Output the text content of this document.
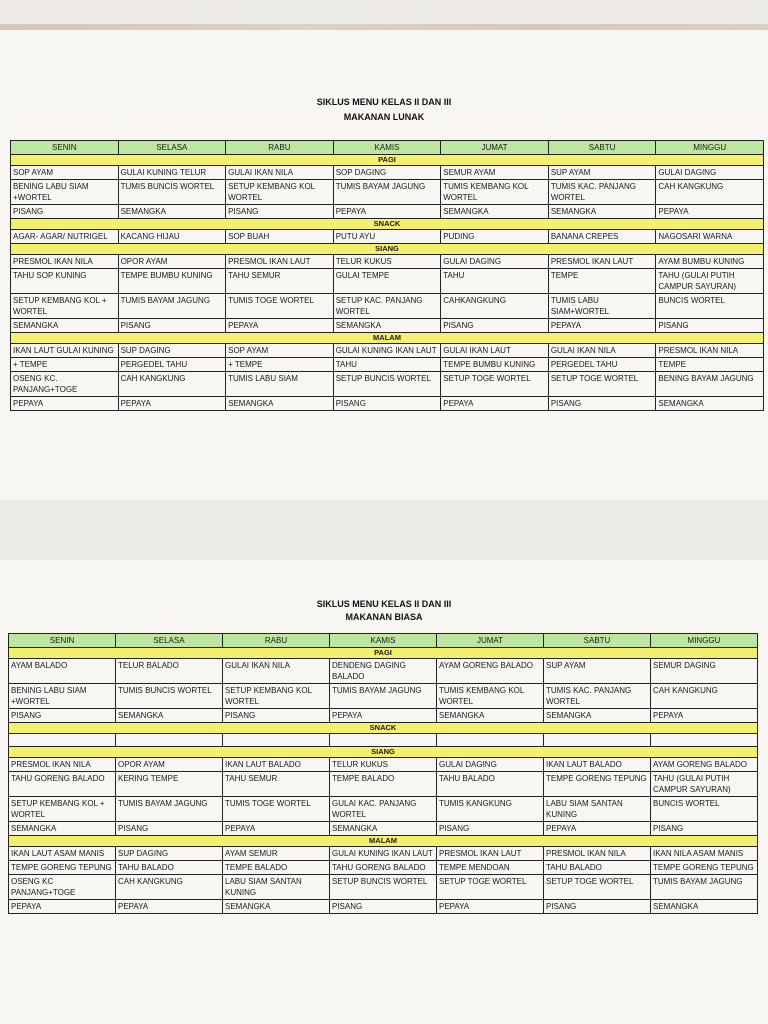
SIKLUS MENU KELAS II DAN III
MAKANAN LUNAK
SENIN	SELASA	RABU	KAMIS	JUMAT	SABTU	MINGGU
PAGI						
SOP AYAM	GULAI KUNING TELUR	GULAI IKAN NILA	SOP DAGING	SEMUR AYAM	SUP AYAM	GULAI DAGING
BENING LABU SIAM +WORTEL	TUMIS BUNCIS WORTEL	SETUP KEMBANG KOL WORTEL	TUMIS BAYAM JAGUNG	TUMIS KEMBANG KOL WORTEL	TUMIS KAC. PANJANG WORTEL	CAH KANGKUNG
PISANG	SEMANGKA	PISANG	PEPAYA	SEMANGKA	SEMANGKA	PEPAYA
SNACK						
AGAR- AGAR/ NUTRIGEL	KACANG HIJAU	SOP BUAH	PUTU AYU	PUDING	BANANA CREPES	NAGOSARI WARNA
SIANG						
PRESMOL IKAN NILA	OPOR AYAM	PRESMOL IKAN LAUT	TELUR KUKUS	GULAI DAGING	PRESMOL IKAN LAUT	AYAM BUMBU KUNING
TAHU SOP KUNING	TEMPE BUMBU KUNING	TAHU SEMUR	GULAI TEMPE	TAHU	TEMPE	TAHU (GULAI PUTIH CAMPUR SAYURAN)
SETUP KEMBANG KOL + WORTEL	TUMIS BAYAM JAGUNG	TUMIS TOGE WORTEL	SETUP KAC. PANJANG WORTEL	CAHKANGKUNG	TUMIS LABU SIAM+WORTEL	BUNCIS WORTEL
SEMANGKA	PISANG	PEPAYA	SEMANGKA	PISANG	PEPAYA	PISANG
MALAM						
IKAN LAUT GULAI KUNING	SUP DAGING	SOP AYAM	GULAI KUNING IKAN LAUT	GULAI IKAN LAUT	GULAI IKAN NILA	PRESMOL IKAN NILA
+ TEMPE	PERGEDEL TAHU	+ TEMPE	TAHU	TEMPE BUMBU KUNING	PERGEDEL TAHU	TEMPE
OSENG KC. PANJANG+TOGE	CAH KANGKUNG	TUMIS LABU SIAM	SETUP BUNCIS WORTEL	SETUP TOGE WORTEL	SETUP TOGE WORTEL	BENING BAYAM JAGUNG
PEPAYA	PEPAYA	SEMANGKA	PISANG	PEPAYA	PISANG	SEMANGKA
SIKLUS MENU KELAS II DAN III
MAKANAN BIASA
SENIN	SELASA	RABU	KAMIS	JUMAT	SABTU	MINGGU
PAGI						
AYAM BALADO	TELUR BALADO	GULAI IKAN NILA	DENDENG DAGING BALADO	AYAM GORENG BALADO	SUP AYAM	SEMUR DAGING
BENING LABU SIAM +WORTEL	TUMIS BUNCIS WORTEL	SETUP KEMBANG KOL WORTEL	TUMIS BAYAM JAGUNG	TUMIS KEMBANG KOL WORTEL	TUMIS KAC. PANJANG WORTEL	CAH KANGKUNG
PISANG	SEMANGKA	PISANG	PEPAYA	SEMANGKA	SEMANGKA	PEPAYA
SNACK						

SIANG						
PRESMOL IKAN NILA	OPOR AYAM	IKAN LAUT BALADO	TELUR KUKUS	GULAI DAGING	IKAN LAUT BALADO	AYAM GORENG BALADO
TAHU GORENG BALADO	KERING TEMPE	TAHU SEMUR	TEMPE BALADO	TAHU BALADO	TEMPE GORENG TEPUNG	TAHU (GULAI PUTIH CAMPUR SAYURAN)
SETUP KEMBANG KOL + WORTEL	TUMIS BAYAM JAGUNG	TUMIS TOGE WORTEL	GULAI KAC. PANJANG WORTEL	TUMIS KANGKUNG	LABU SIAM SANTAN KUNING	BUNCIS WORTEL
SEMANGKA	PISANG	PEPAYA	SEMANGKA	PISANG	PEPAYA	PISANG
MALAM						
IKAN LAUT ASAM MANIS	SUP DAGING	AYAM SEMUR	GULAI KUNING IKAN LAUT	PRESMOL IKAN LAUT	PRESMOL IKAN NILA	IKAN NILA ASAM MANIS
TEMPE GORENG TEPUNG	TAHU BALADO	TEMPE BALADO	TAHU GORENG BALADO	TEMPE MENDOAN	TAHU BALADO	TEMPE GORENG TEPUNG
OSENG KC PANJANG+TOGE	CAH KANGKUNG	LABU SIAM SANTAN KUNING	SETUP BUNCIS WORTEL	SETUP TOGE WORTEL	SETUP TOGE WORTEL	TUMIS BAYAM JAGUNG
PEPAYA	PEPAYA	SEMANGKA	PISANG	PEPAYA	PISANG	SEMANGKA
